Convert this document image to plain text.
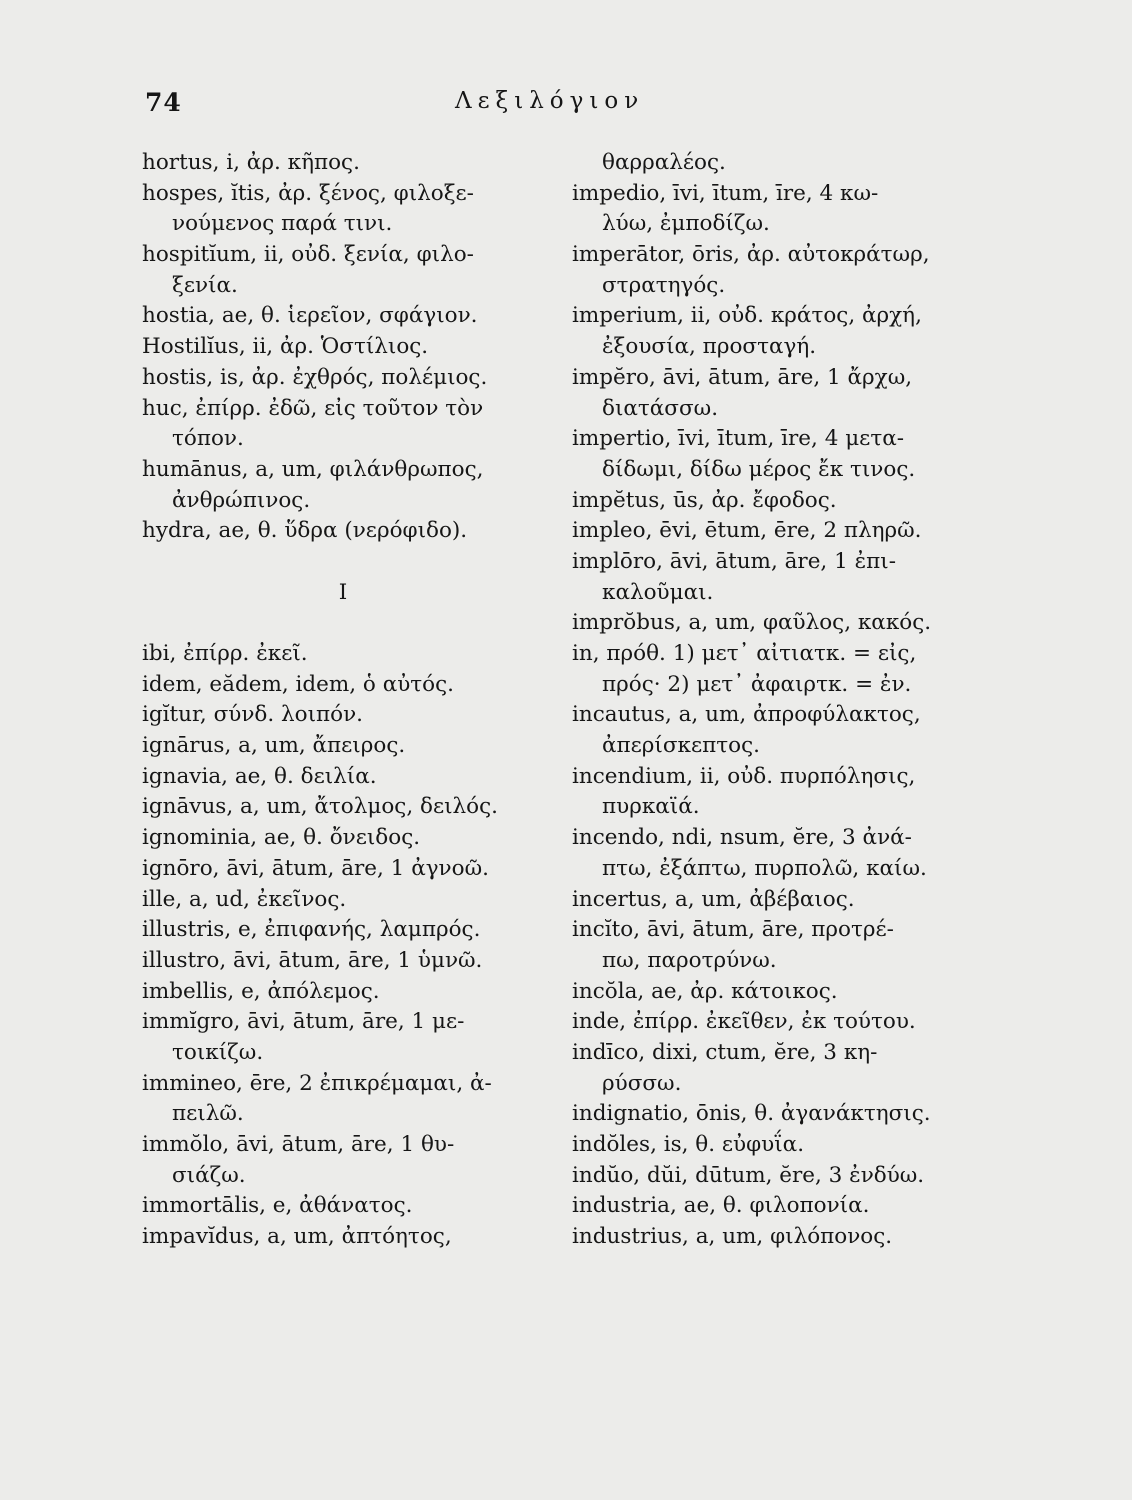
74	Λεξιλόγιον
hortus, i, ἀρ. κῆπος.
hospes, ĭtis, ἀρ. ξένος, φιλοξε-
νούμενος παρά τινι.
hospitĭum, ii, οὐδ. ξενία, φιλο-
ξενία.
hostia, ae, θ. ἱερεῖον, σφάγιον.
Hostilĭus, ii, ἀρ. Ὁστίλιος.
hostis, is, ἀρ. ἐχθρός, πολέμιος.
huc, ἐπίρρ. ἐδῶ, εἰς τοῦτον τὸν
τόπον.
humānus, a, um, φιλάνθρωπος,
ἀνθρώπινος.
hydra, ae, θ. ὕδρα (νερόφιδο).
I
ibi, ἐπίρρ. ἐκεῖ.
idem, eădem, idem, ὁ αὐτός.
igĭtur, σύνδ. λοιπόν.
ignārus, a, um, ἄπειρος.
ignavia, ae, θ. δειλία.
ignāvus, a, um, ἄτολμος, δειλός.
ignominia, ae, θ. ὄνειδος.
ignōro, āvi, ātum, āre, 1 ἀγνοῶ.
ille, a, ud, ἐκεῖνος.
illustris, e, ἐπιφανής, λαμπρός.
illustro, āvi, ātum, āre, 1 ὑμνῶ.
imbellis, e, ἀπόλεμος.
immĭgro, āvi, ātum, āre, 1 με-
τοικίζω.
immineo, ēre, 2 ἐπικρέμαμαι, ἀ-
πειλῶ.
immŏlo, āvi, ātum, āre, 1 θυ-
σιάζω.
immortālis, e, ἀθάνατος.
impavĭdus, a, um, ἀπτόητος,
θαρραλέος.
impedio, īvi, ītum, īre, 4 κω-
λύω, ἐμποδίζω.
imperātor, ōris, ἀρ. αὐτοκράτωρ,
στρατηγός.
imperium, ii, οὐδ. κράτος, ἀρχή,
ἐξουσία, προσταγή.
impĕro, āvi, ātum, āre, 1 ἄρχω,
διατάσσω.
impertio, īvi, ītum, īre, 4 μετα-
δίδωμι, δίδω μέρος ἔκ τινος.
impĕtus, ūs, ἀρ. ἔφοδος.
impleo, ēvi, ētum, ēre, 2 πληρῶ.
implōro, āvi, ātum, āre, 1 ἐπι-
καλοῦμαι.
imprŏbus, a, um, φαῦλος, κακός.
in, πρόθ. 1) μετ᾽ αἰτιατκ. = εἰς,
πρός· 2) μετ᾽ ἀφαιρτκ. = ἐν.
incautus, a, um, ἀπροφύλακτος,
ἀπερίσκεπτος.
incendium, ii, οὐδ. πυρπόλησις,
πυρκαϊά.
incendo, ndi, nsum, ĕre, 3 ἀνά-
πτω, ἐξάπτω, πυρπολῶ, καίω.
incertus, a, um, ἀβέβαιος.
incĭto, āvi, ātum, āre, προτρέ-
πω, παροτρύνω.
incŏla, ae, ἀρ. κάτοικος.
inde, ἐπίρρ. ἐκεῖθεν, ἐκ τούτου.
indīco, dixi, ctum, ĕre, 3 κη-
ρύσσω.
indignatio, ōnis, θ. ἀγανάκτησις.
indŏles, is, θ. εὐφυΐα.
indŭo, dŭi, dūtum, ĕre, 3 ἐνδύω.
industria, ae, θ. φιλοπονία.
industrius, a, um, φιλόπονος.
